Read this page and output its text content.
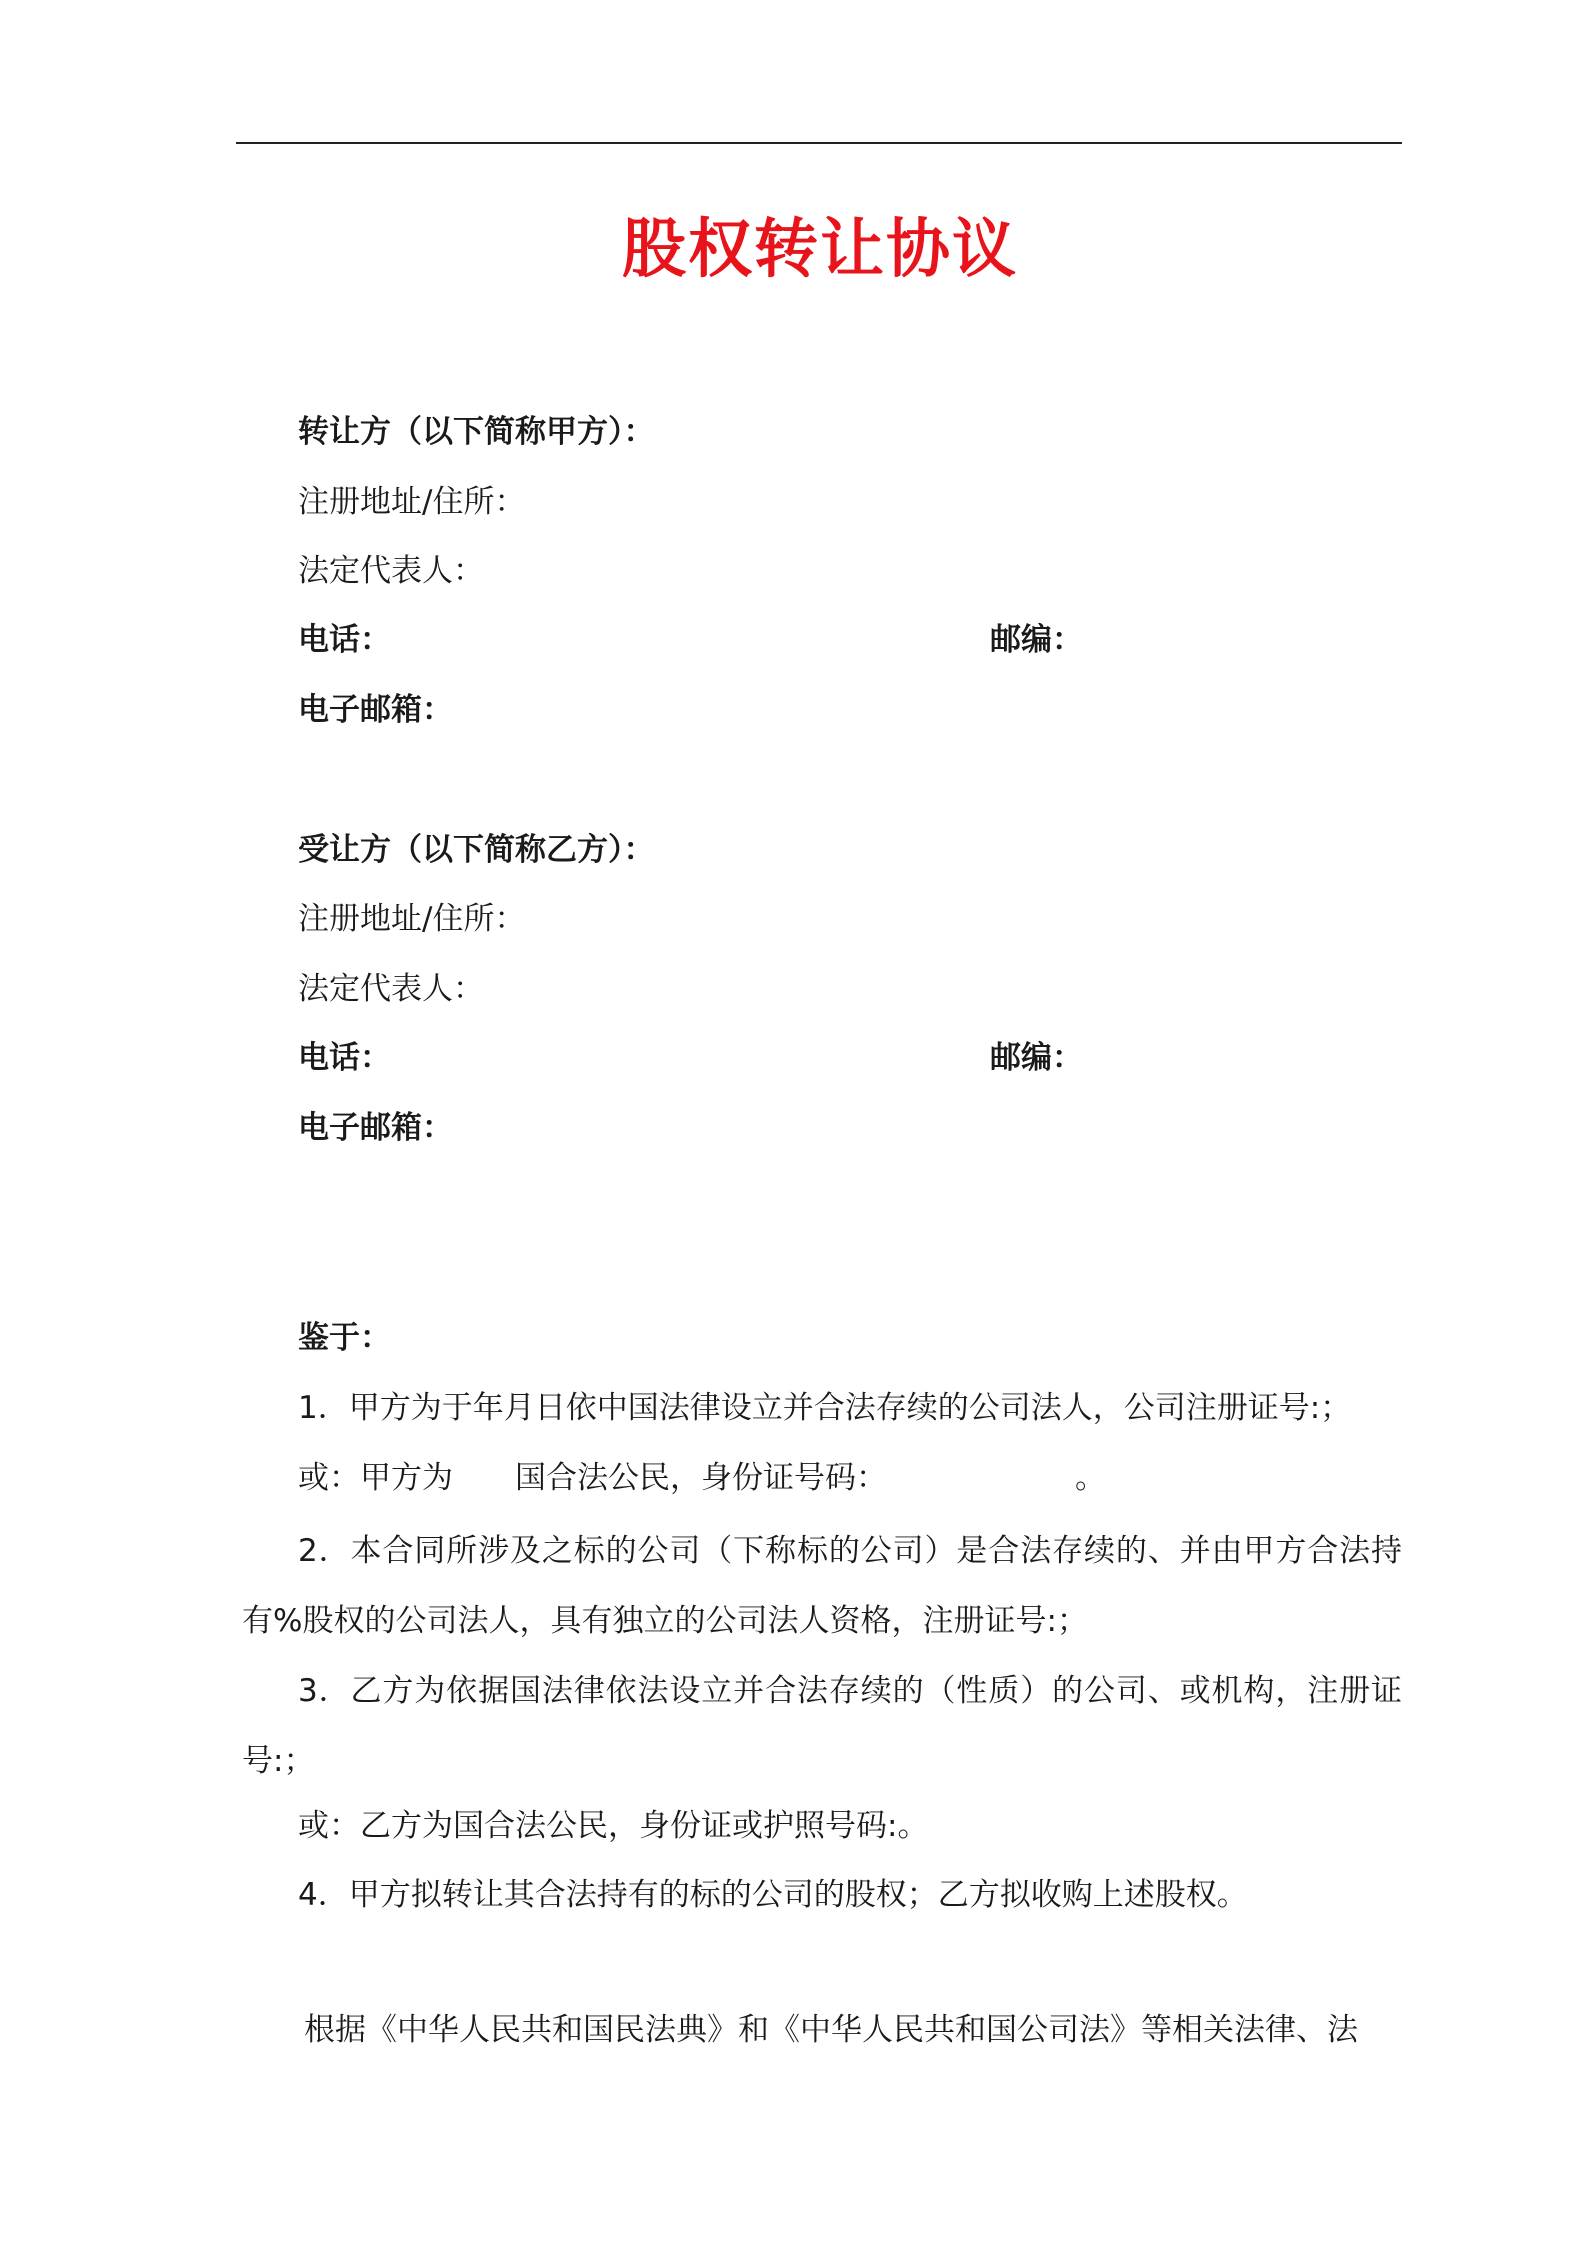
股权转让协议
转让方（以下简称甲方）：
注册地址/住所：
法定代表人：
电话：	邮编：
电子邮箱：
受让方（以下简称乙方）：
注册地址/住所：
法定代表人：
电话：	邮编：
电子邮箱：
鉴于：
1．甲方为于年月日依中国法律设立并合法存续的公司法人，公司注册证号:；
或：甲方为 国合法公民，身份证号码：	。
2．本合同所涉及之标的公司（下称标的公司）是合法存续的、并由甲方合法持有%股权的公司法人，具有独立的公司法人资格，注册证号:；
3．乙方为依据国法律依法设立并合法存续的（性质）的公司、或机构，注册证号:；
或：乙方为国合法公民，身份证或护照号码:。
4．甲方拟转让其合法持有的标的公司的股权；乙方拟收购上述股权。
根据《中华人民共和国民法典》和《中华人民共和国公司法》等相关法律、法
